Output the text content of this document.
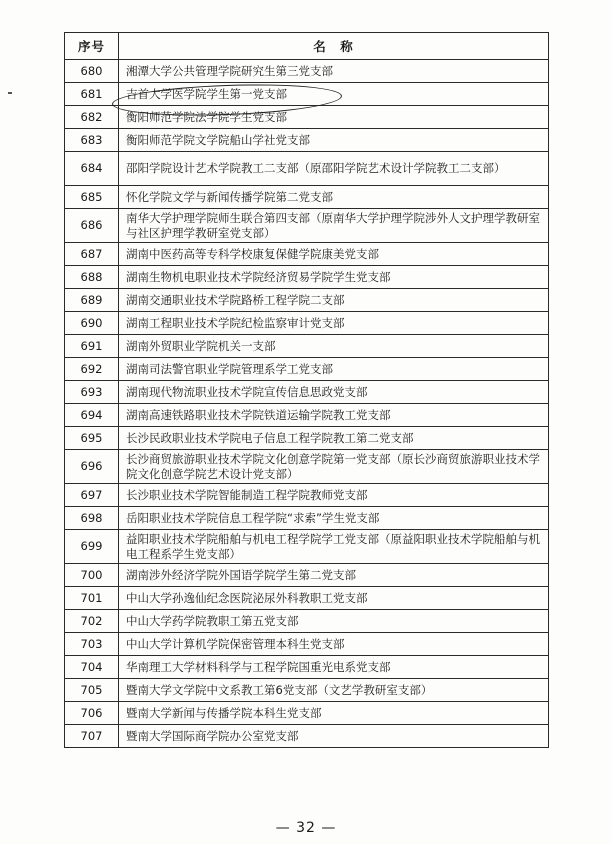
序号	名　称
680	湘潭大学公共管理学院研究生第三党支部
681	吉首大学医学院学生第一党支部
682	衡阳师范学院法学院学生党支部
683	衡阳师范学院文学院船山学社党支部
684	邵阳学院设计艺术学院教工二支部（原邵阳学院艺术设计学院教工二支部）
685	怀化学院文学与新闻传播学院第二党支部
686	南华大学护理学院师生联合第四支部（原南华大学护理学院涉外人文护理学教研室与社区护理学教研室党支部）
687	湖南中医药高等专科学校康复保健学院康美党支部
688	湖南生物机电职业技术学院经济贸易学院学生党支部
689	湖南交通职业技术学院路桥工程学院二支部
690	湖南工程职业技术学院纪检监察审计党支部
691	湖南外贸职业学院机关一支部
692	湖南司法警官职业学院管理系学工党支部
693	湖南现代物流职业技术学院宣传信息思政党支部
694	湖南高速铁路职业技术学院铁道运输学院教工党支部
695	长沙民政职业技术学院电子信息工程学院教工第二党支部
696	长沙商贸旅游职业技术学院文化创意学院第一党支部（原长沙商贸旅游职业技术学院文化创意学院艺术设计党支部）
697	长沙职业技术学院智能制造工程学院教师党支部
698	岳阳职业技术学院信息工程学院“求索”学生党支部
699	益阳职业技术学院船舶与机电工程学院学工党支部（原益阳职业技术学院船舶与机电工程系学生党支部）
700	湖南涉外经济学院外国语学院学生第二党支部
701	中山大学孙逸仙纪念医院泌尿外科教职工党支部
702	中山大学药学院教职工第五党支部
703	中山大学计算机学院保密管理本科生党支部
704	华南理工大学材料科学与工程学院国重光电系党支部
705	暨南大学文学院中文系教工第6党支部（文艺学教研室支部）
706	暨南大学新闻与传播学院本科生党支部
707	暨南大学国际商学院办公室党支部
— 32 —
